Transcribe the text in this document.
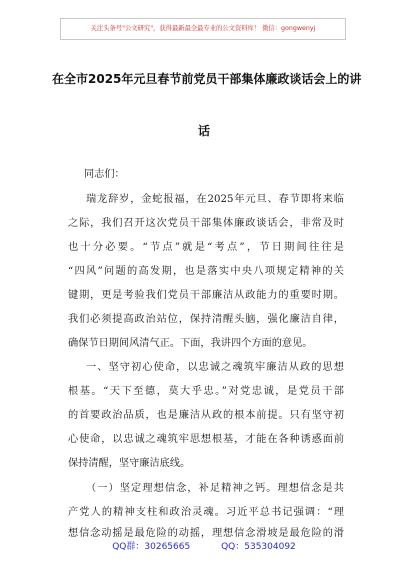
关注头条号"公文研究"，获得最新最全最专业的公文资料库！ 微信：gongwenyj
在全市2025年元旦春节前党员干部集体廉政谈话会上的讲
话
同志们：
瑞龙辞岁，金蛇报福，在2025年元旦、春节即将来临
之际，我们召开这次党员干部集体廉政谈话会，非常及时
也十分必要。“节点”就是“考点”，节日期间往往是
“四风”问题的高发期，也是落实中央八项规定精神的关
键期，更是考验我们党员干部廉洁从政能力的重要时期。
我们必须提高政治站位，保持清醒头脑，强化廉洁自律，
确保节日期间风清气正。下面，我讲四个方面的意见。
一、坚守初心使命，以忠诚之魂筑牢廉洁从政的思想
根基。“天下至德，莫大乎忠。”对党忠诚，是党员干部
的首要政治品质，也是廉洁从政的根本前提。只有坚守初
心使命，以忠诚之魂筑牢思想根基，才能在各种诱惑面前
保持清醒，坚守廉洁底线。
（一）坚定理想信念，补足精神之钙。理想信念是共
产党人的精神支柱和政治灵魂。习近平总书记强调：“理
想信念动摇是最危险的动摇，理想信念滑坡是最危险的滑
QQ群：30265665	QQ：535304092
